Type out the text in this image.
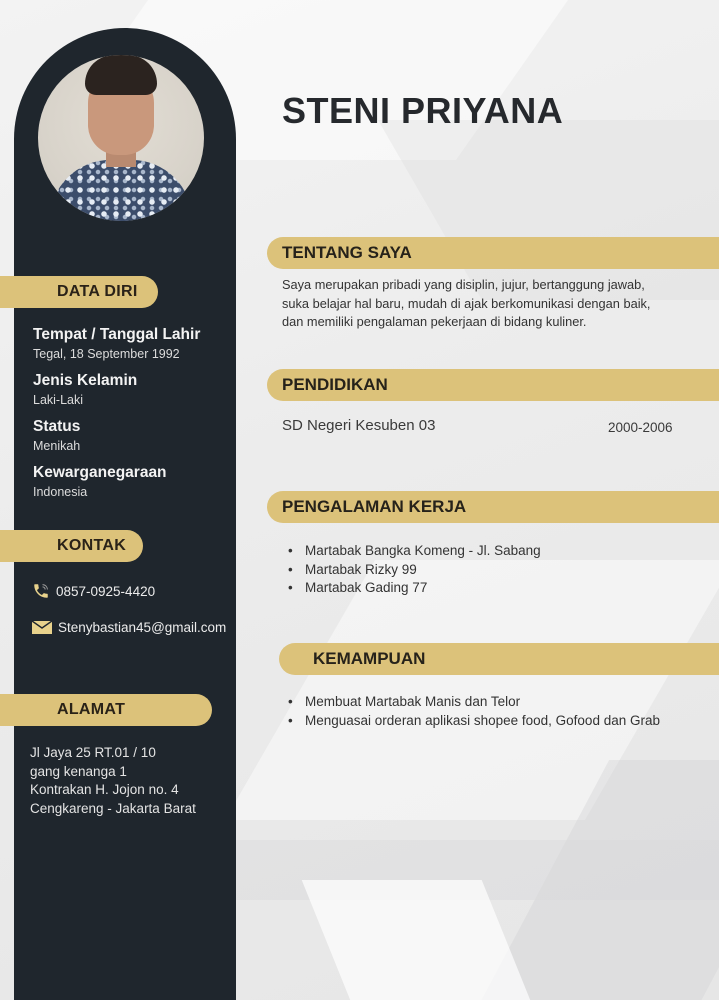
DATA DIRI
Tempat / Tanggal Lahir
Tegal, 18 September 1992
Jenis Kelamin
Laki-Laki
Status
Menikah
Kewarganegaraan
Indonesia
KONTAK
0857-0925-4420
Stenybastian45@gmail.com
ALAMAT
Jl Jaya 25 RT.01 / 10
gang kenanga 1
Kontrakan H. Jojon no. 4
Cengkareng - Jakarta Barat
STENI PRIYANA
TENTANG SAYA
Saya merupakan pribadi yang disiplin, jujur, bertanggung jawab,
suka belajar hal baru, mudah di ajak berkomunikasi dengan baik,
dan memiliki pengalaman pekerjaan di bidang kuliner.
PENDIDIKAN
SD Negeri Kesuben 03	2000-2006
PENGALAMAN KERJA
• Martabak Bangka Komeng - Jl. Sabang
• Martabak Rizky 99
• Martabak Gading 77
KEMAMPUAN
• Membuat Martabak Manis dan Telor
• Menguasai orderan aplikasi shopee food, Gofood dan Grab
